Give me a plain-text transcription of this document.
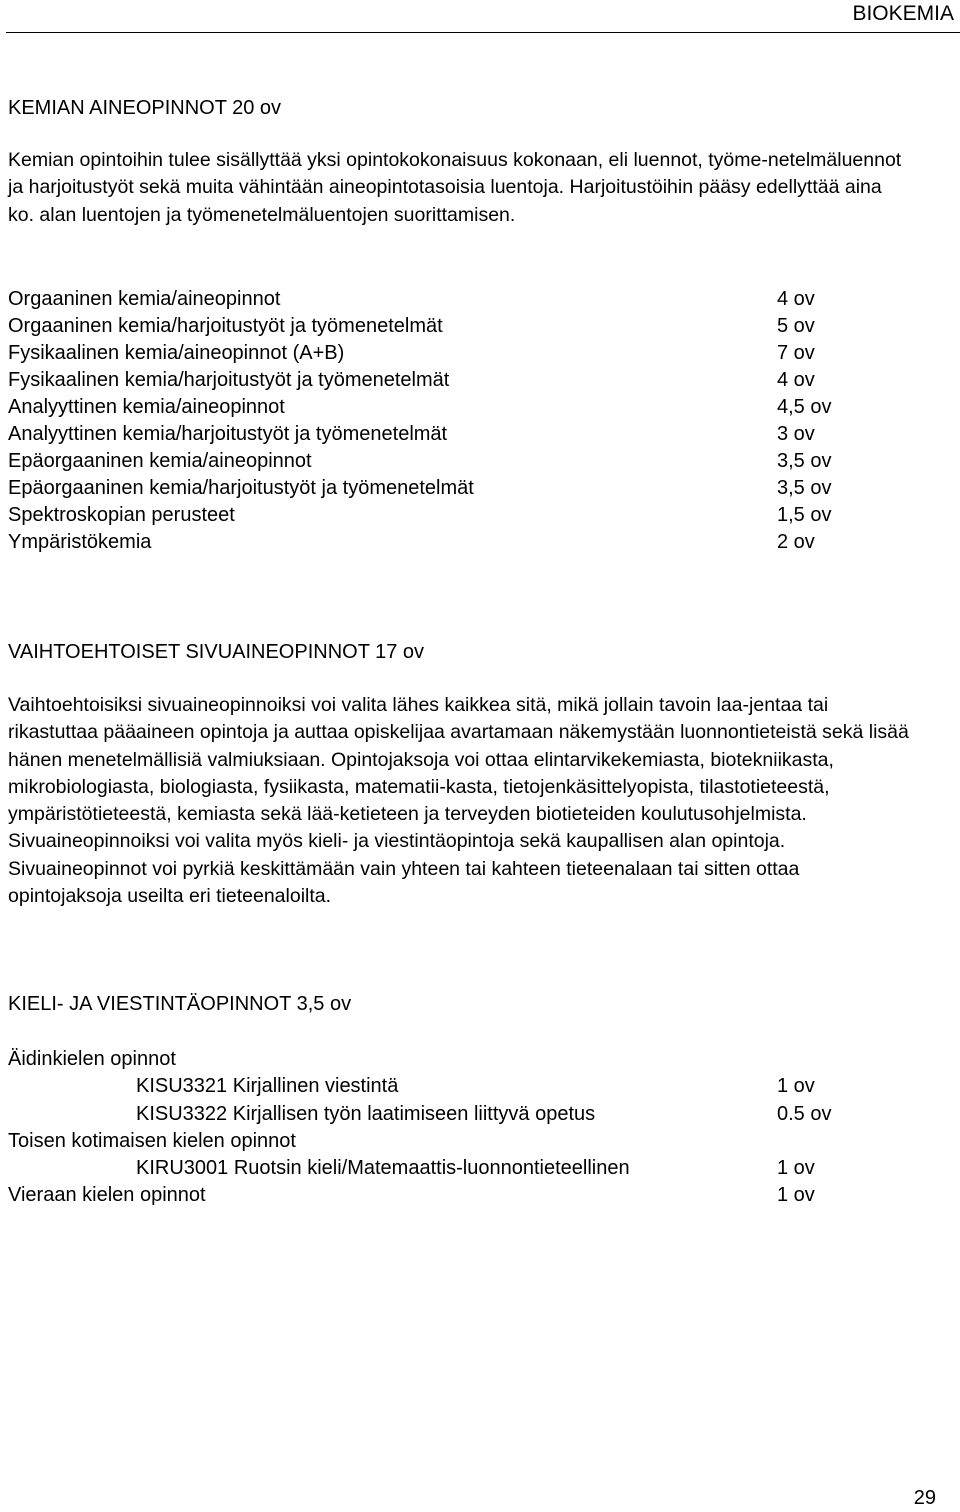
BIOKEMIA
KEMIAN AINEOPINNOT 20 ov
Kemian opintoihin tulee sisällyttää yksi opintokokonaisuus kokonaan, eli luennot, työme-netelmäluennot ja harjoitustyöt sekä muita vähintään aineopintotasoisia luentoja. Harjoitustöihin pääsy edellyttää aina ko. alan luentojen ja työmenetelmäluentojen suorittamisen.
Orgaaninen kemia/aineopinnot	4 ov
Orgaaninen kemia/harjoitustyöt ja työmenetelmät	5 ov
Fysikaalinen kemia/aineopinnot (A+B)	7 ov
Fysikaalinen kemia/harjoitustyöt ja työmenetelmät	4 ov
Analyyttinen kemia/aineopinnot	4,5 ov
Analyyttinen kemia/harjoitustyöt ja työmenetelmät	3 ov
Epäorgaaninen kemia/aineopinnot	3,5 ov
Epäorgaaninen kemia/harjoitustyöt ja työmenetelmät	3,5 ov
Spektroskopian perusteet	1,5 ov
Ympäristökemia	2 ov
VAIHTOEHTOISET SIVUAINEOPINNOT 17 ov
Vaihtoehtoisiksi sivuaineopinnoiksi voi valita lähes kaikkea sitä, mikä jollain tavoin laa-jentaa tai rikastuttaa pääaineen opintoja ja auttaa opiskelijaa avartamaan näkemystään luonnontieteistä sekä lisää hänen menetelmällisiä valmiuksiaan. Opintojaksoja voi ottaa elintarvikekemiasta, biotekniikasta, mikrobiologiasta, biologiasta, fysiikasta, matematii-kasta, tietojenkäsittelyopista, tilastotieteestä, ympäristötieteestä, kemiasta sekä lää-ketieteen ja terveyden biotieteiden koulutusohjelmista. Sivuaineopinnoiksi voi valita myös kieli- ja viestintäopintoja sekä kaupallisen alan opintoja. Sivuaineopinnot voi pyrkiä keskittämään vain yhteen tai kahteen tieteenalaan tai sitten ottaa opintojaksoja useilta eri tieteenaloilta.
KIELI- JA VIESTINTÄOPINNOT 3,5 ov
Äidinkielen opinnot
KISU3321 Kirjallinen viestintä	1 ov
KISU3322 Kirjallisen työn laatimiseen liittyvä opetus	0.5 ov
Toisen kotimaisen kielen opinnot
KIRU3001 Ruotsin kieli/Matemaattis-luonnontieteellinen	1 ov
Vieraan kielen opinnot	1 ov
29
